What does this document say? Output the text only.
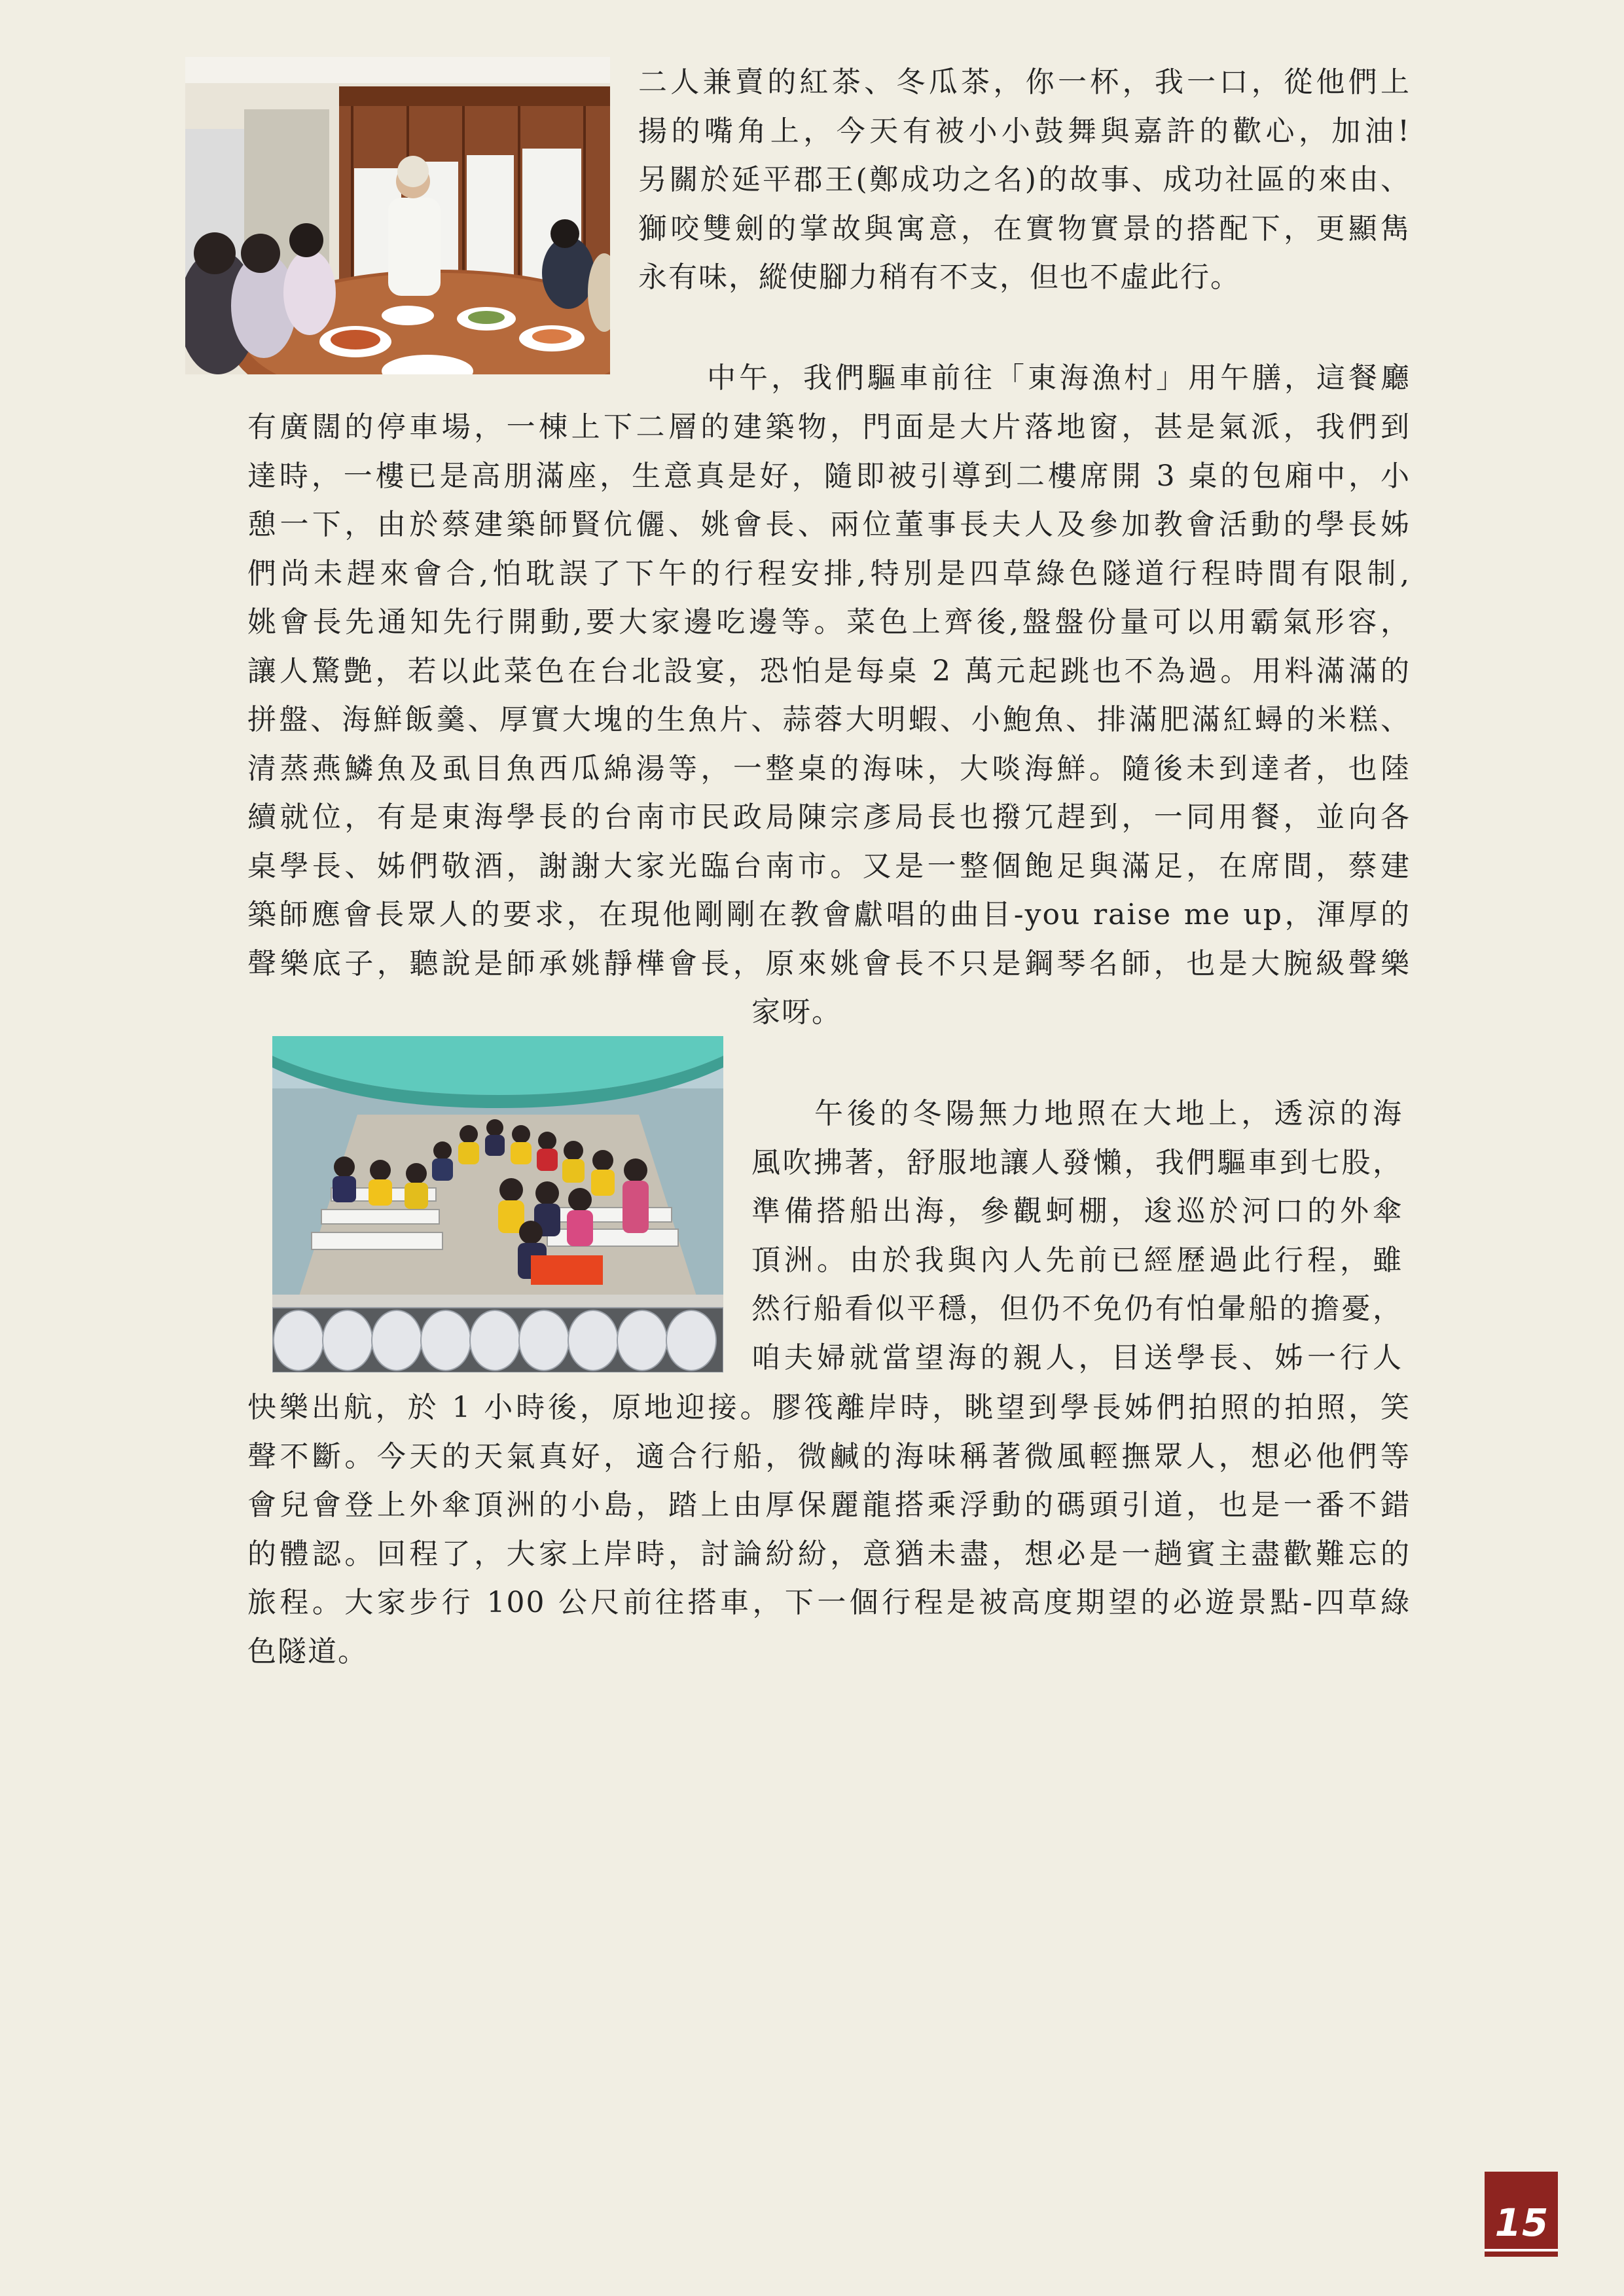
二人兼賣的紅茶、冬瓜茶，你一杯，我一口，從他們上
揚的嘴角上，今天有被小小鼓舞與嘉許的歡心，加油!
另關於延平郡王(鄭成功之名)的故事、成功社區的來由、
獅咬雙劍的掌故與寓意，在實物實景的搭配下，更顯雋
永有味，縱使腳力稍有不支，但也不虛此行。
中午，我們驅車前往「東海漁村」用午膳，這餐廳
有廣闊的停車場，一棟上下二層的建築物，門面是大片落地窗，甚是氣派，我們到
達時，一樓已是高朋滿座，生意真是好，隨即被引導到二樓席開 3 桌的包廂中，小
憩一下，由於蔡建築師賢伉儷、姚會長、兩位董事長夫人及參加教會活動的學長姊
們尚未趕來會合,怕耽誤了下午的行程安排,特別是四草綠色隧道行程時間有限制,
姚會長先通知先行開動,要大家邊吃邊等。菜色上齊後,盤盤份量可以用霸氣形容，
讓人驚艶，若以此菜色在台北設宴，恐怕是每桌 2 萬元起跳也不為過。用料滿滿的
拼盤、海鮮飯羹、厚實大塊的生魚片、蒜蓉大明蝦、小鮑魚、排滿肥滿紅蟳的米糕、
清蒸燕鱗魚及虱目魚西瓜綿湯等，一整桌的海味，大啖海鮮。隨後未到達者，也陸
續就位，有是東海學長的台南市民政局陳宗彥局長也撥冗趕到，一同用餐，並向各
桌學長、姊們敬酒，謝謝大家光臨台南市。又是一整個飽足與滿足，在席間，蔡建
築師應會長眾人的要求，在現他剛剛在教會獻唱的曲目-you raise me up，渾厚的
聲樂底子，聽說是師承姚靜樺會長，原來姚會長不只是鋼琴名師，也是大腕級聲樂
家呀。
午後的冬陽無力地照在大地上，透涼的海
風吹拂著，舒服地讓人發懶，我們驅車到七股，
準備搭船出海，參觀蚵棚，逡巡於河口的外傘
頂洲。由於我與內人先前已經歷過此行程，雖
然行船看似平穩，但仍不免仍有怕暈船的擔憂，
咱夫婦就當望海的親人，目送學長、姊一行人
快樂出航，於 1 小時後，原地迎接。膠筏離岸時，眺望到學長姊們拍照的拍照，笑
聲不斷。今天的天氣真好，適合行船，微鹹的海味稱著微風輕撫眾人，想必他們等
會兒會登上外傘頂洲的小島，踏上由厚保麗龍搭乘浮動的碼頭引道，也是一番不錯
的體認。回程了，大家上岸時，討論紛紛，意猶未盡，想必是一趟賓主盡歡難忘的
旅程。大家步行 100 公尺前往搭車，下一個行程是被高度期望的必遊景點-四草綠
色隧道。
15
